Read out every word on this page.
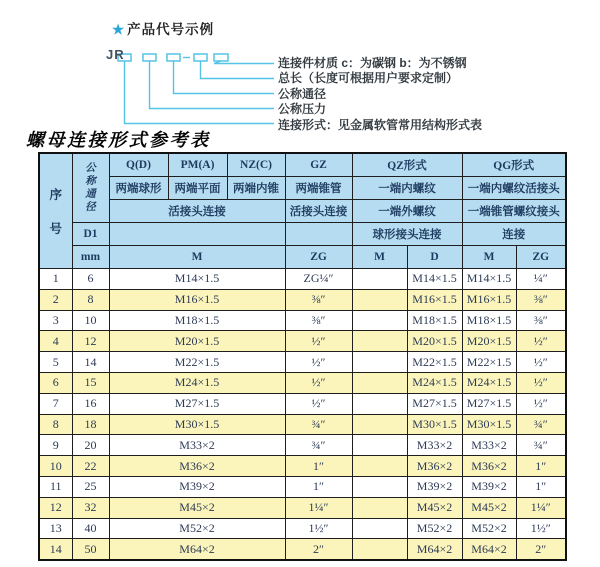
★ 产品代号示例
JR
连接件材质 c：为碳钢 b：为不锈钢
总长（长度可根据用户要求定制）
公称通径
公称压力
连接形式：见金属软管常用结构形式表
螺母连接形式参考表
序
号	公
称
通
径	Q(D)	PM(A)	NZ(C)	GZ	QZ形式		QG形式	
		两端球形	两端平面	两端内锥	两端锥管	一端内螺纹		一端内螺纹活接头	
		活接头连接			活接头连接	一端外螺纹		一端锥管螺纹接头	
	D1					球形接头连接		连接	
	mm	M			ZG	M	D	M	ZG
1	6	M14×1.5			ZG¼″		M14×1.5	M14×1.5	¼″
2	8	M16×1.5			⅜″		M16×1.5	M16×1.5	⅜″
3	10	M18×1.5			⅜″		M18×1.5	M18×1.5	⅜″
4	12	M20×1.5			½″		M20×1.5	M20×1.5	½″
5	14	M22×1.5			½″		M22×1.5	M22×1.5	½″
6	15	M24×1.5			½″		M24×1.5	M24×1.5	½″
7	16	M27×1.5			½″		M27×1.5	M27×1.5	½″
8	18	M30×1.5			¾″		M30×1.5	M30×1.5	¾″
9	20	M33×2			¾″		M33×2	M33×2	¾″
10	22	M36×2			1″		M36×2	M36×2	1″
11	25	M39×2			1″		M39×2	M39×2	1″
12	32	M45×2			1¼″		M45×2	M45×2	1¼″
13	40	M52×2			1½″		M52×2	M52×2	1½″
14	50	M64×2			2″		M64×2	M64×2	2″
